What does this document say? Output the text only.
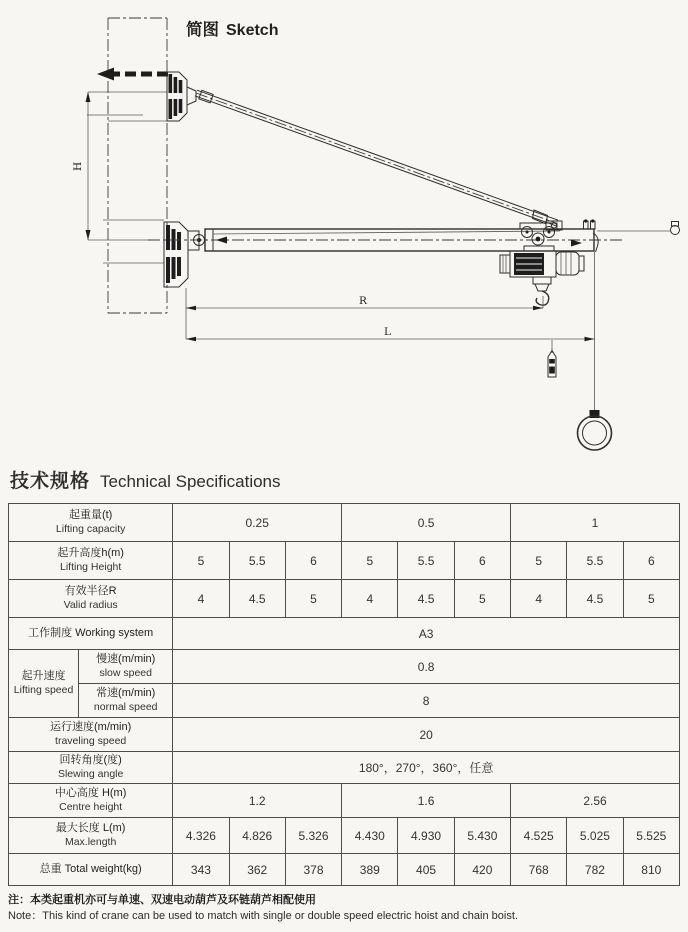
H
R
L
简图 Sketch
技术规格 Technical Specifications
起重量(t)
Lifting capacity		0.25			0.5			1		

起升高度h(m)
Lifting Height		5	5.5	6	5	5.5	6	5	5.5	6

有效半径R
Valid radius		4	4.5	5	4	4.5	5	4	4.5	5

工作制度 Working system		A3								

起升速度
Lifting speed

慢速(m/min)
slow speed	0.8

	常速(m/min)
normal speed	8								

运行速度(m/min)
traveling speed		20								

回转角度(度)
Slewing angle		180°，270°，360°，任意								

中心高度 H(m)
Centre height		1.2			1.6			2.56		

最大长度 L(m)
Max.length		4.326	4.826	5.326	4.430	4.930	5.430	4.525	5.025	5.525

总重 Total weight(kg)		343	362	378	389	405	420	768	782	810
注：本类起重机亦可与单速、双速电动葫芦及环链葫芦相配使用
Note：This kind of crane can be used to match with single or double speed electric hoist and chain boist.
